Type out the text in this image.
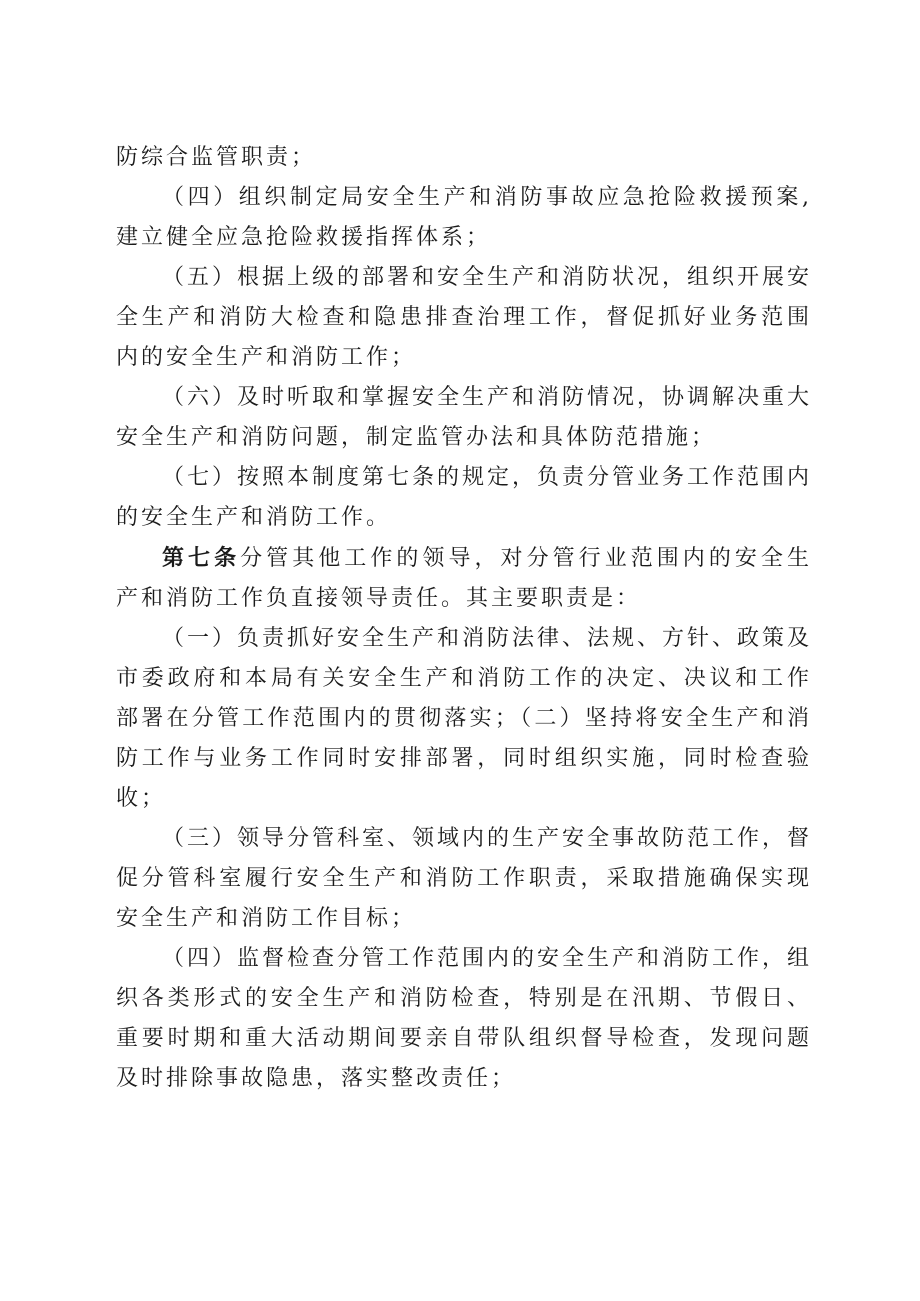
防综合监管职责；

（四）组织制定局安全生产和消防事故应急抢险救援预案,建立健全应急抢险救援指挥体系；

（五）根据上级的部署和安全生产和消防状况，组织开展安全生产和消防大检查和隐患排查治理工作，督促抓好业务范围内的安全生产和消防工作；

（六）及时听取和掌握安全生产和消防情况，协调解决重大安全生产和消防问题，制定监管办法和具体防范措施；

（七）按照本制度第七条的规定，负责分管业务工作范围内的安全生产和消防工作。

第七条分管其他工作的领导，对分管行业范围内的安全生产和消防工作负直接领导责任。其主要职责是：

（一）负责抓好安全生产和消防法律、法规、方针、政策及市委政府和本局有关安全生产和消防工作的决定、决议和工作部署在分管工作范围内的贯彻落实；（二）坚持将安全生产和消防工作与业务工作同时安排部署，同时组织实施，同时检查验收；

（三）领导分管科室、领域内的生产安全事故防范工作，督促分管科室履行安全生产和消防工作职责，采取措施确保实现安全生产和消防工作目标；

（四）监督检查分管工作范围内的安全生产和消防工作，组织各类形式的安全生产和消防检查，特别是在汛期、节假日、重要时期和重大活动期间要亲自带队组织督导检查，发现问题及时排除事故隐患，落实整改责任；
